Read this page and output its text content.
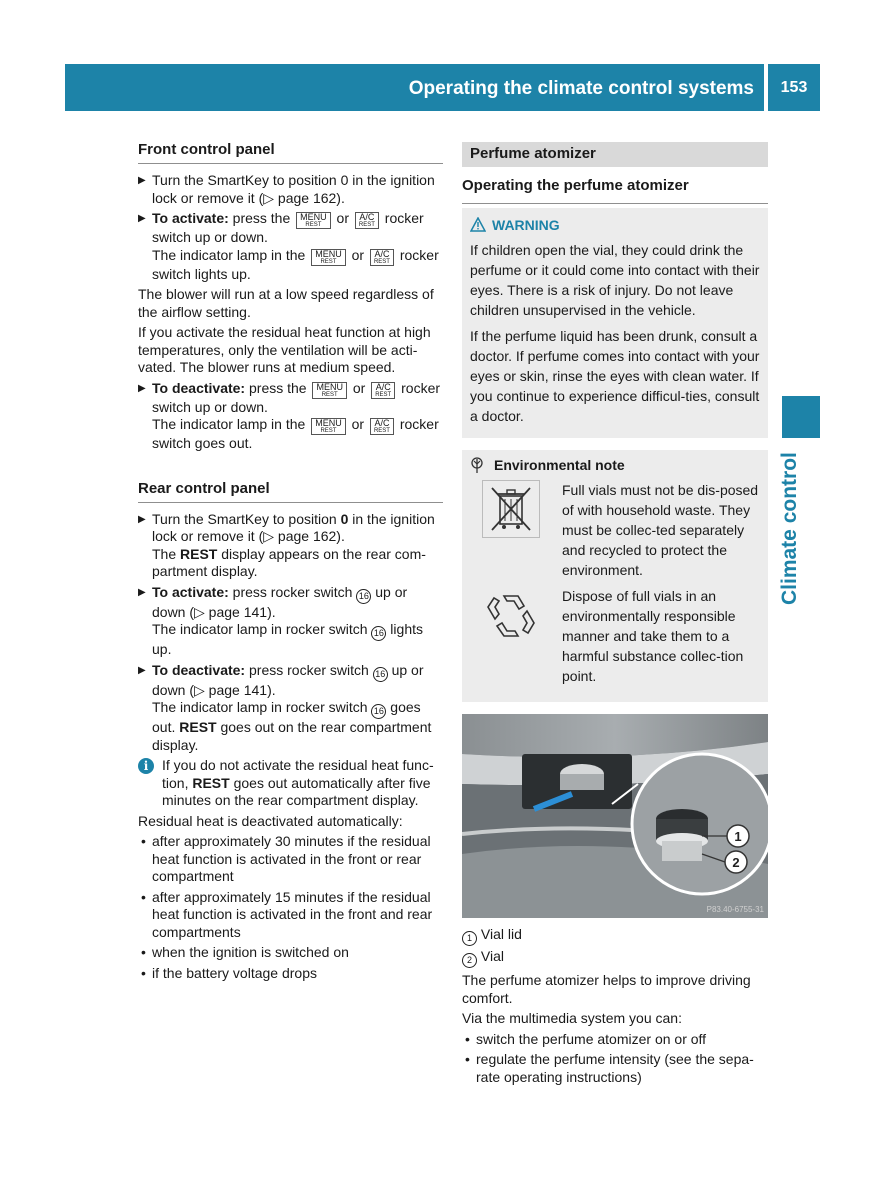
Operating the climate control systems	153
Climate control
Front control panel
▶ Turn the SmartKey to position 0 in the ignition lock or remove it (▷ page 162).
▶ To activate: press the MENU
REST or A/C
REST rocker switch up or down.
The indicator lamp in the MENU
REST or A/C
REST rocker switch lights up.
The blower will run at a low speed regardless of the airflow setting.
If you activate the residual heat function at high temperatures, only the ventilation will be acti-vated. The blower runs at medium speed.
▶ To deactivate: press the MENU
REST or A/C
REST rocker switch up or down.
The indicator lamp in the MENU
REST or A/C
REST rocker switch goes out.
Rear control panel
▶ Turn the SmartKey to position 0 in the ignition lock or remove it (▷ page 162).
The REST display appears on the rear com-partment display.
▶ To activate: press rocker switch 16 up or down (▷ page 141).
The indicator lamp in rocker switch 16 lights up.
▶ To deactivate: press rocker switch 16 up or down (▷ page 141).
The indicator lamp in rocker switch 16 goes out. REST goes out on the rear compartment display.
i If you do not activate the residual heat func-tion, REST goes out automatically after five minutes on the rear compartment display.
Residual heat is deactivated automatically:
• after approximately 30 minutes if the residual heat function is activated in the front or rear compartment
• after approximately 15 minutes if the residual heat function is activated in the front and rear compartments
• when the ignition is switched on
• if the battery voltage drops
Perfume atomizer
Operating the perfume atomizer
WARNING
If children open the vial, they could drink the perfume or it could come into contact with their eyes. There is a risk of injury. Do not leave children unsupervised in the vehicle.
If the perfume liquid has been drunk, consult a doctor. If perfume comes into contact with your eyes or skin, rinse the eyes with clean water. If you continue to experience difficul-ties, consult a doctor.
Environmental note
Full vials must not be dis-posed of with household waste. They must be collec-ted separately and recycled to protect the environment.
Dispose of full vials in an environmentally responsible manner and take them to a harmful substance collec-tion point.
1
2
P83.40-6755-31
1 Vial lid
2 Vial
The perfume atomizer helps to improve driving comfort.
Via the multimedia system you can:
• switch the perfume atomizer on or off
• regulate the perfume intensity (see the sepa-rate operating instructions)
